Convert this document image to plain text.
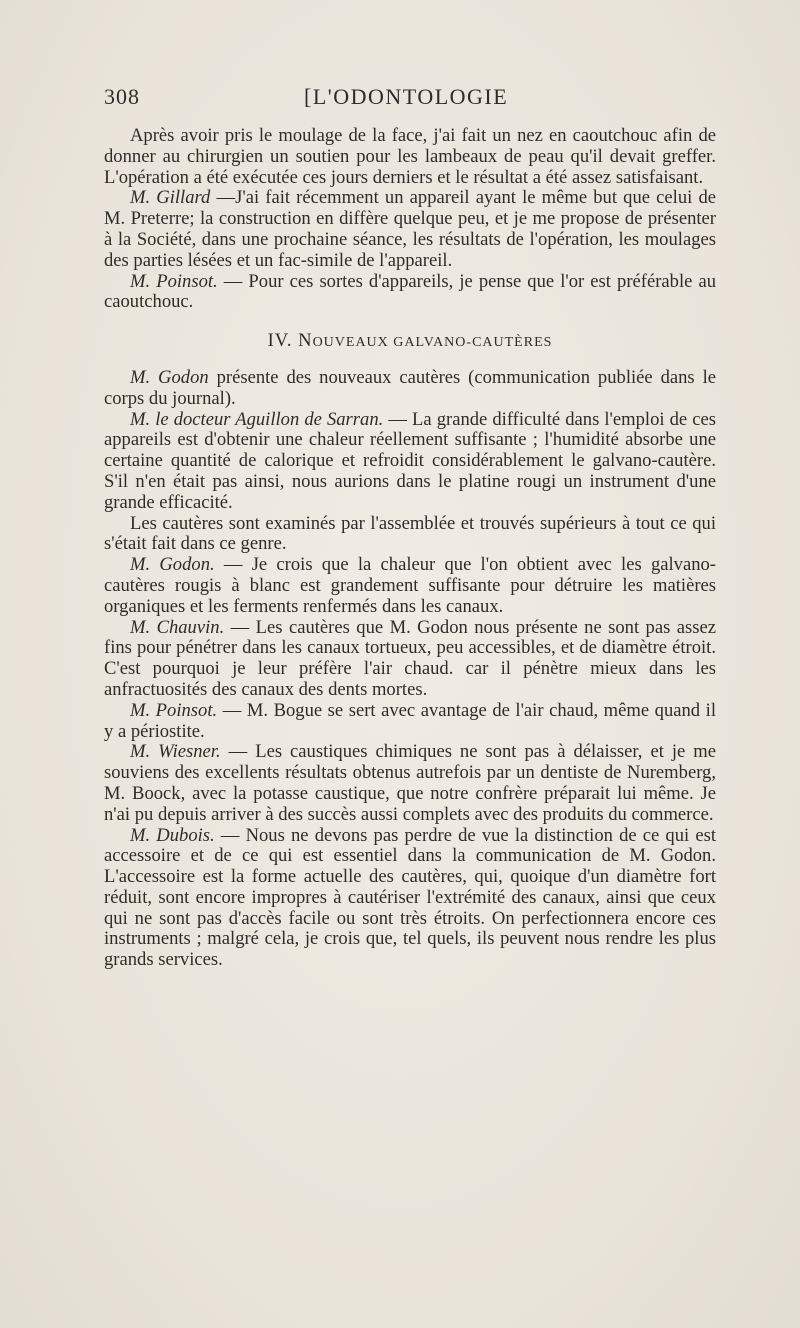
308	[L'ODONTOLOGIE

Après avoir pris le moulage de la face, j'ai fait un nez en caoutchouc afin de donner au chirurgien un soutien pour les lambeaux de peau qu'il devait greffer. L'opération a été exécutée ces jours derniers et le résultat a été assez satisfaisant.

M. Gillard —J'ai fait récemment un appareil ayant le même but que celui de M. Preterre; la construction en diffère quelque peu, et je me propose de présenter à la Société, dans une prochaine séance, les résultats de l'opération, les moulages des parties lésées et un fac-simile de l'appareil.

M. Poinsot. — Pour ces sortes d'appareils, je pense que l'or est préférable au caoutchouc.

IV. NOUVEAUX GALVANO-CAUTÈRES

M. Godon présente des nouveaux cautères (communication publiée dans le corps du journal).

M. le docteur Aguillon de Sarran. — La grande difficulté dans l'emploi de ces appareils est d'obtenir une chaleur réellement suffisante ; l'humidité absorbe une certaine quantité de calorique et refroidit considérablement le galvano-cautère. S'il n'en était pas ainsi, nous aurions dans le platine rougi un instrument d'une grande efficacité.

Les cautères sont examinés par l'assemblée et trouvés supérieurs à tout ce qui s'était fait dans ce genre.

M. Godon. — Je crois que la chaleur que l'on obtient avec les galvano-cautères rougis à blanc est grandement suffisante pour détruire les matières organiques et les ferments renfermés dans les canaux.

M. Chauvin. — Les cautères que M. Godon nous présente ne sont pas assez fins pour pénétrer dans les canaux tortueux, peu accessibles, et de diamètre étroit. C'est pourquoi je leur préfère l'air chaud. car il pénètre mieux dans les anfractuosités des canaux des dents mortes.

M. Poinsot. — M. Bogue se sert avec avantage de l'air chaud, même quand il y a périostite.

M. Wiesner. — Les caustiques chimiques ne sont pas à délaisser, et je me souviens des excellents résultats obtenus autrefois par un dentiste de Nuremberg, M. Boock, avec la potasse caustique, que notre confrère préparait lui même. Je n'ai pu depuis arriver à des succès aussi complets avec des produits du commerce.

M. Dubois. — Nous ne devons pas perdre de vue la distinction de ce qui est accessoire et de ce qui est essentiel dans la communication de M. Godon. L'accessoire est la forme actuelle des cautères, qui, quoique d'un diamètre fort réduit, sont encore impropres à cautériser l'extrémité des canaux, ainsi que ceux qui ne sont pas d'accès facile ou sont très étroits. On perfectionnera encore ces instruments ; malgré cela, je crois que, tel quels, ils peuvent nous rendre les plus grands services.
